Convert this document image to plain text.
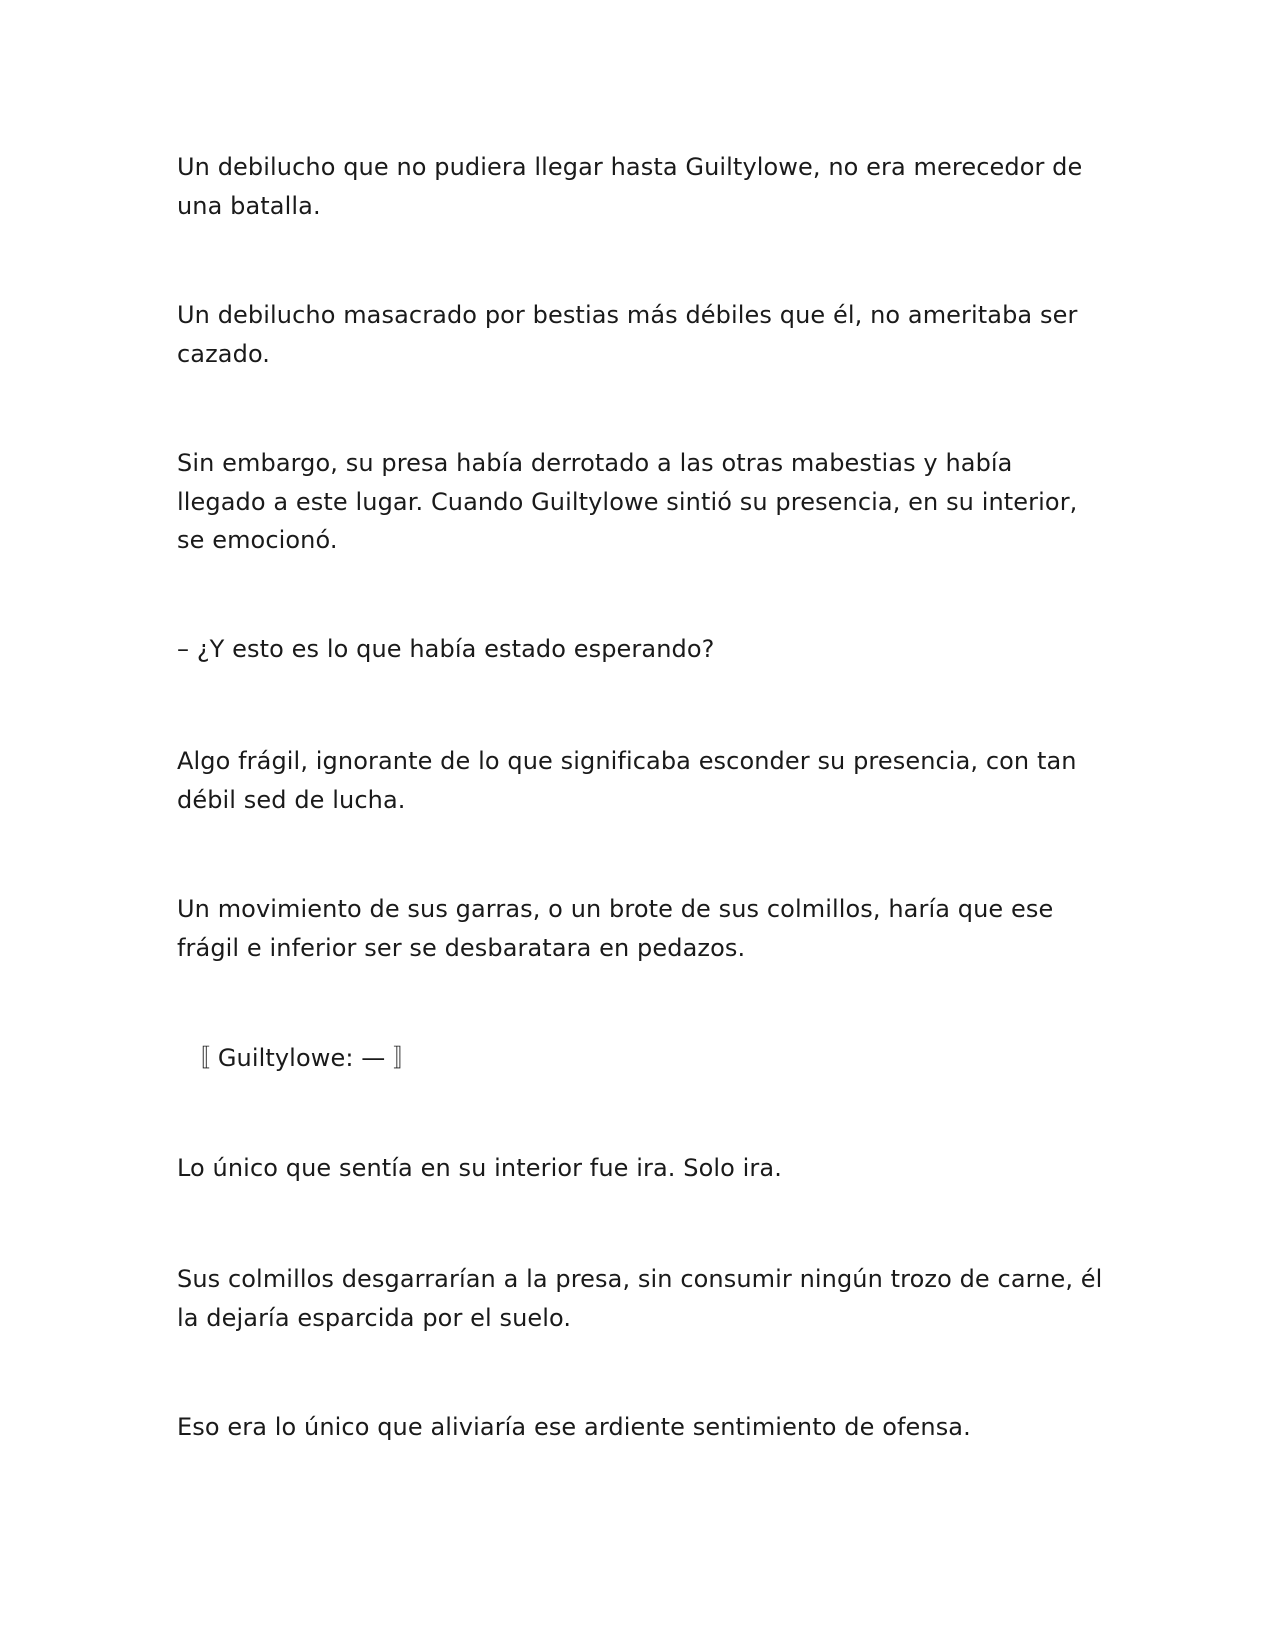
Un debilucho que no pudiera llegar hasta Guiltylowe, no era merecedor de una batalla.

Un debilucho masacrado por bestias más débiles que él, no ameritaba ser cazado.

Sin embargo, su presa había derrotado a las otras mabestias y había llegado a este lugar. Cuando Guiltylowe sintió su presencia, en su interior, se emocionó.

– ¿Y esto es lo que había estado esperando?

Algo frágil, ignorante de lo que significaba esconder su presencia, con tan débil sed de lucha.

Un movimiento de sus garras, o un brote de sus colmillos, haría que ese frágil e inferior ser se desbaratara en pedazos.

〚 Guiltylowe: — 〛

Lo único que sentía en su interior fue ira. Solo ira.

Sus colmillos desgarrarían a la presa, sin consumir ningún trozo de carne, él la dejaría esparcida por el suelo.

Eso era lo único que aliviaría ese ardiente sentimiento de ofensa.
